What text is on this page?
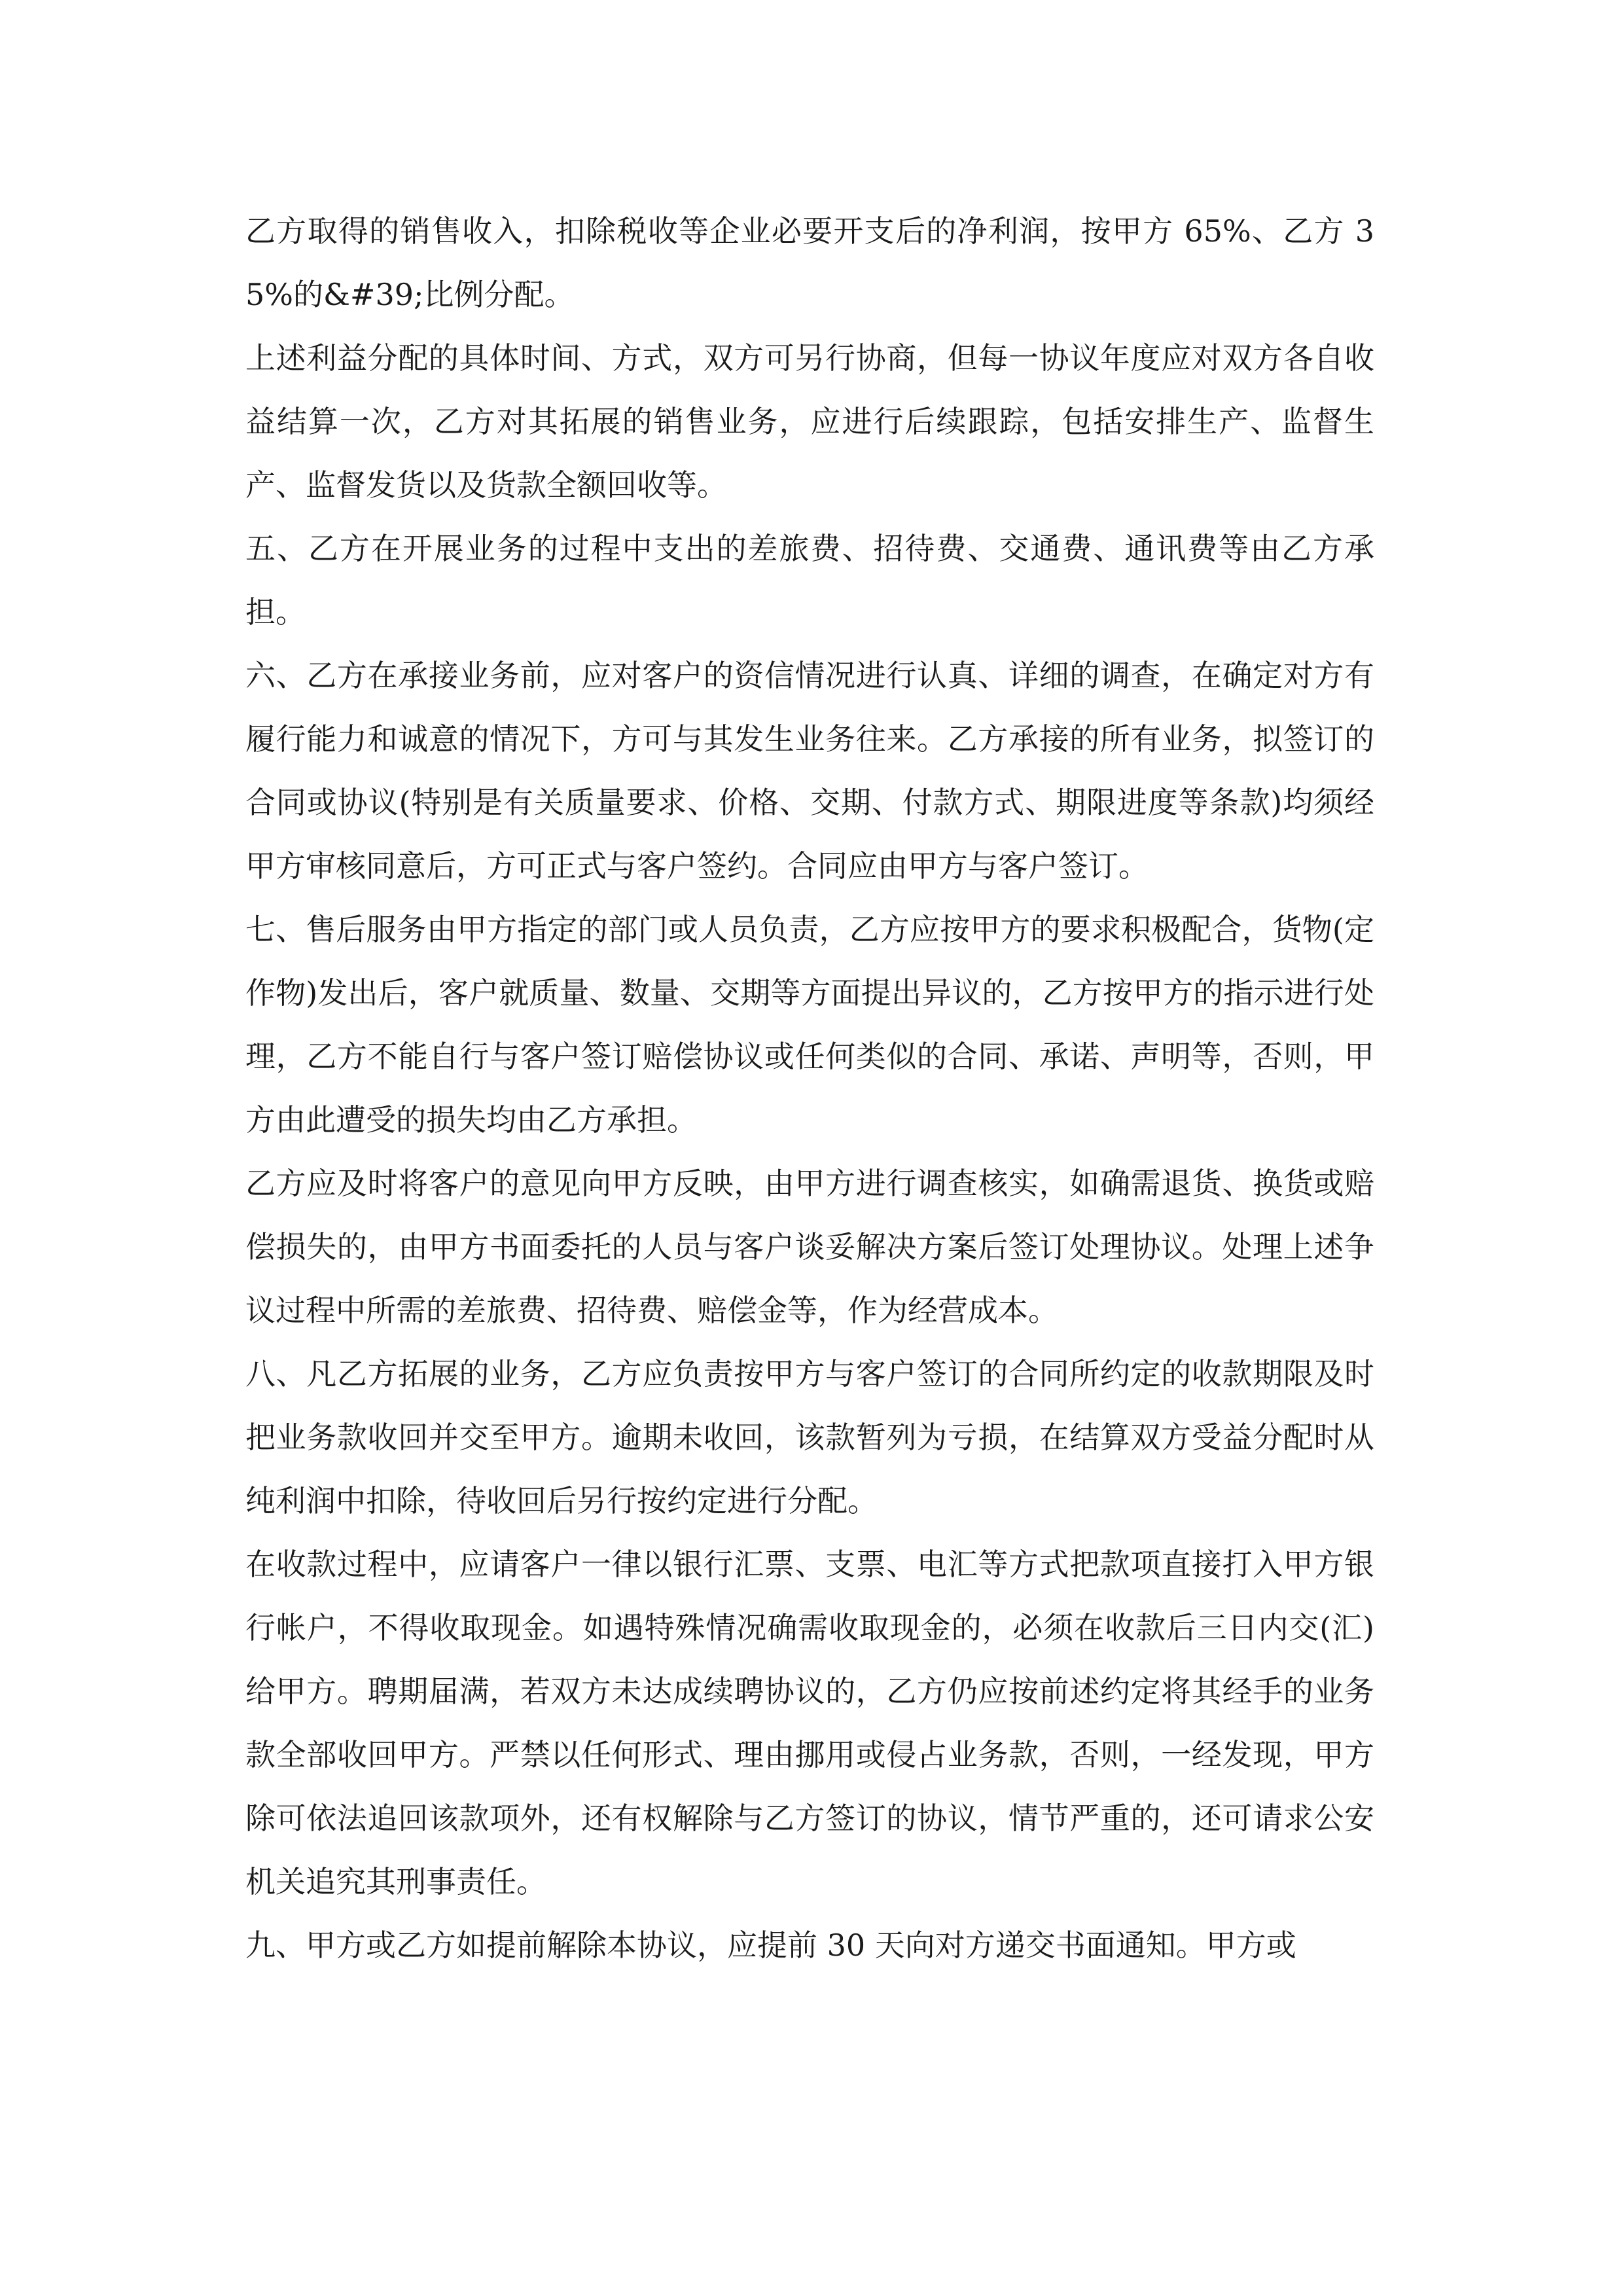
乙方取得的销售收入，扣除税收等企业必要开支后的净利润，按甲方 65%、乙方 35%的&#39;比例分配。

上述利益分配的具体时间、方式，双方可另行协商，但每一协议年度应对双方各自收益结算一次，乙方对其拓展的销售业务，应进行后续跟踪，包括安排生产、监督生产、监督发货以及货款全额回收等。

五、乙方在开展业务的过程中支出的差旅费、招待费、交通费、通讯费等由乙方承担。

六、乙方在承接业务前，应对客户的资信情况进行认真、详细的调查，在确定对方有履行能力和诚意的情况下，方可与其发生业务往来。乙方承接的所有业务，拟签订的合同或协议(特别是有关质量要求、价格、交期、付款方式、期限进度等条款)均须经甲方审核同意后，方可正式与客户签约。合同应由甲方与客户签订。

七、售后服务由甲方指定的部门或人员负责，乙方应按甲方的要求积极配合，货物(定作物)发出后，客户就质量、数量、交期等方面提出异议的，乙方按甲方的指示进行处理，乙方不能自行与客户签订赔偿协议或任何类似的合同、承诺、声明等，否则，甲方由此遭受的损失均由乙方承担。

乙方应及时将客户的意见向甲方反映，由甲方进行调查核实，如确需退货、换货或赔偿损失的，由甲方书面委托的人员与客户谈妥解决方案后签订处理协议。处理上述争议过程中所需的差旅费、招待费、赔偿金等，作为经营成本。

八、凡乙方拓展的业务，乙方应负责按甲方与客户签订的合同所约定的收款期限及时把业务款收回并交至甲方。逾期未收回，该款暂列为亏损，在结算双方受益分配时从纯利润中扣除，待收回后另行按约定进行分配。

在收款过程中，应请客户一律以银行汇票、支票、电汇等方式把款项直接打入甲方银行帐户，不得收取现金。如遇特殊情况确需收取现金的，必须在收款后三日内交(汇)给甲方。聘期届满，若双方未达成续聘协议的，乙方仍应按前述约定将其经手的业务款全部收回甲方。严禁以任何形式、理由挪用或侵占业务款，否则，一经发现，甲方除可依法追回该款项外，还有权解除与乙方签订的协议，情节严重的，还可请求公安机关追究其刑事责任。

九、甲方或乙方如提前解除本协议，应提前 30 天向对方递交书面通知。甲方或
